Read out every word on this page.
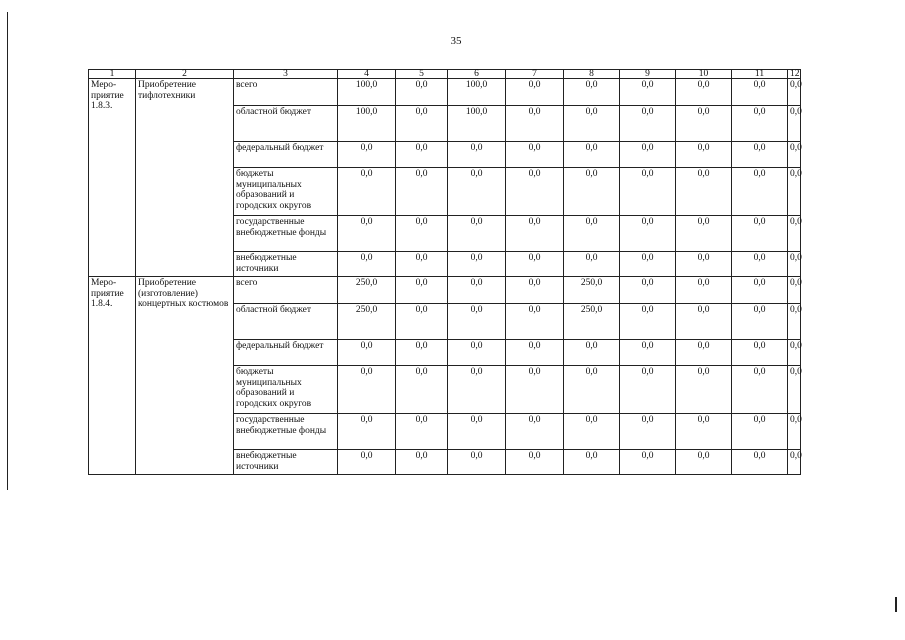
35
1	2	3	4	5	6	7	8	9	10	11	12
Меро-приятие 1.8.3.	Приобретение тифлотехники	всего	100,0	0,0	100,0	0,0	0,0	0,0	0,0	0,0	0,0
		областной бюджет	100,0	0,0	100,0	0,0	0,0	0,0	0,0	0,0	0,0
		федеральный бюджет	0,0	0,0	0,0	0,0	0,0	0,0	0,0	0,0	0,0
		бюджеты муниципальных образований и городских округов	0,0	0,0	0,0	0,0	0,0	0,0	0,0	0,0	0,0
		государственные внебюджетные фонды	0,0	0,0	0,0	0,0	0,0	0,0	0,0	0,0	0,0
		внебюджетные источники	0,0	0,0	0,0	0,0	0,0	0,0	0,0	0,0	0,0
Меро-приятие 1.8.4.	Приобретение (изготовление) концертных костюмов	всего	250,0	0,0	0,0	0,0	250,0	0,0	0,0	0,0	0,0
		областной бюджет	250,0	0,0	0,0	0,0	250,0	0,0	0,0	0,0	0,0
		федеральный бюджет	0,0	0,0	0,0	0,0	0,0	0,0	0,0	0,0	0,0
		бюджеты муниципальных образований и городских округов	0,0	0,0	0,0	0,0	0,0	0,0	0,0	0,0	0,0
		государственные внебюджетные фонды	0,0	0,0	0,0	0,0	0,0	0,0	0,0	0,0	0,0
		внебюджетные источники	0,0	0,0	0,0	0,0	0,0	0,0	0,0	0,0	0,0
